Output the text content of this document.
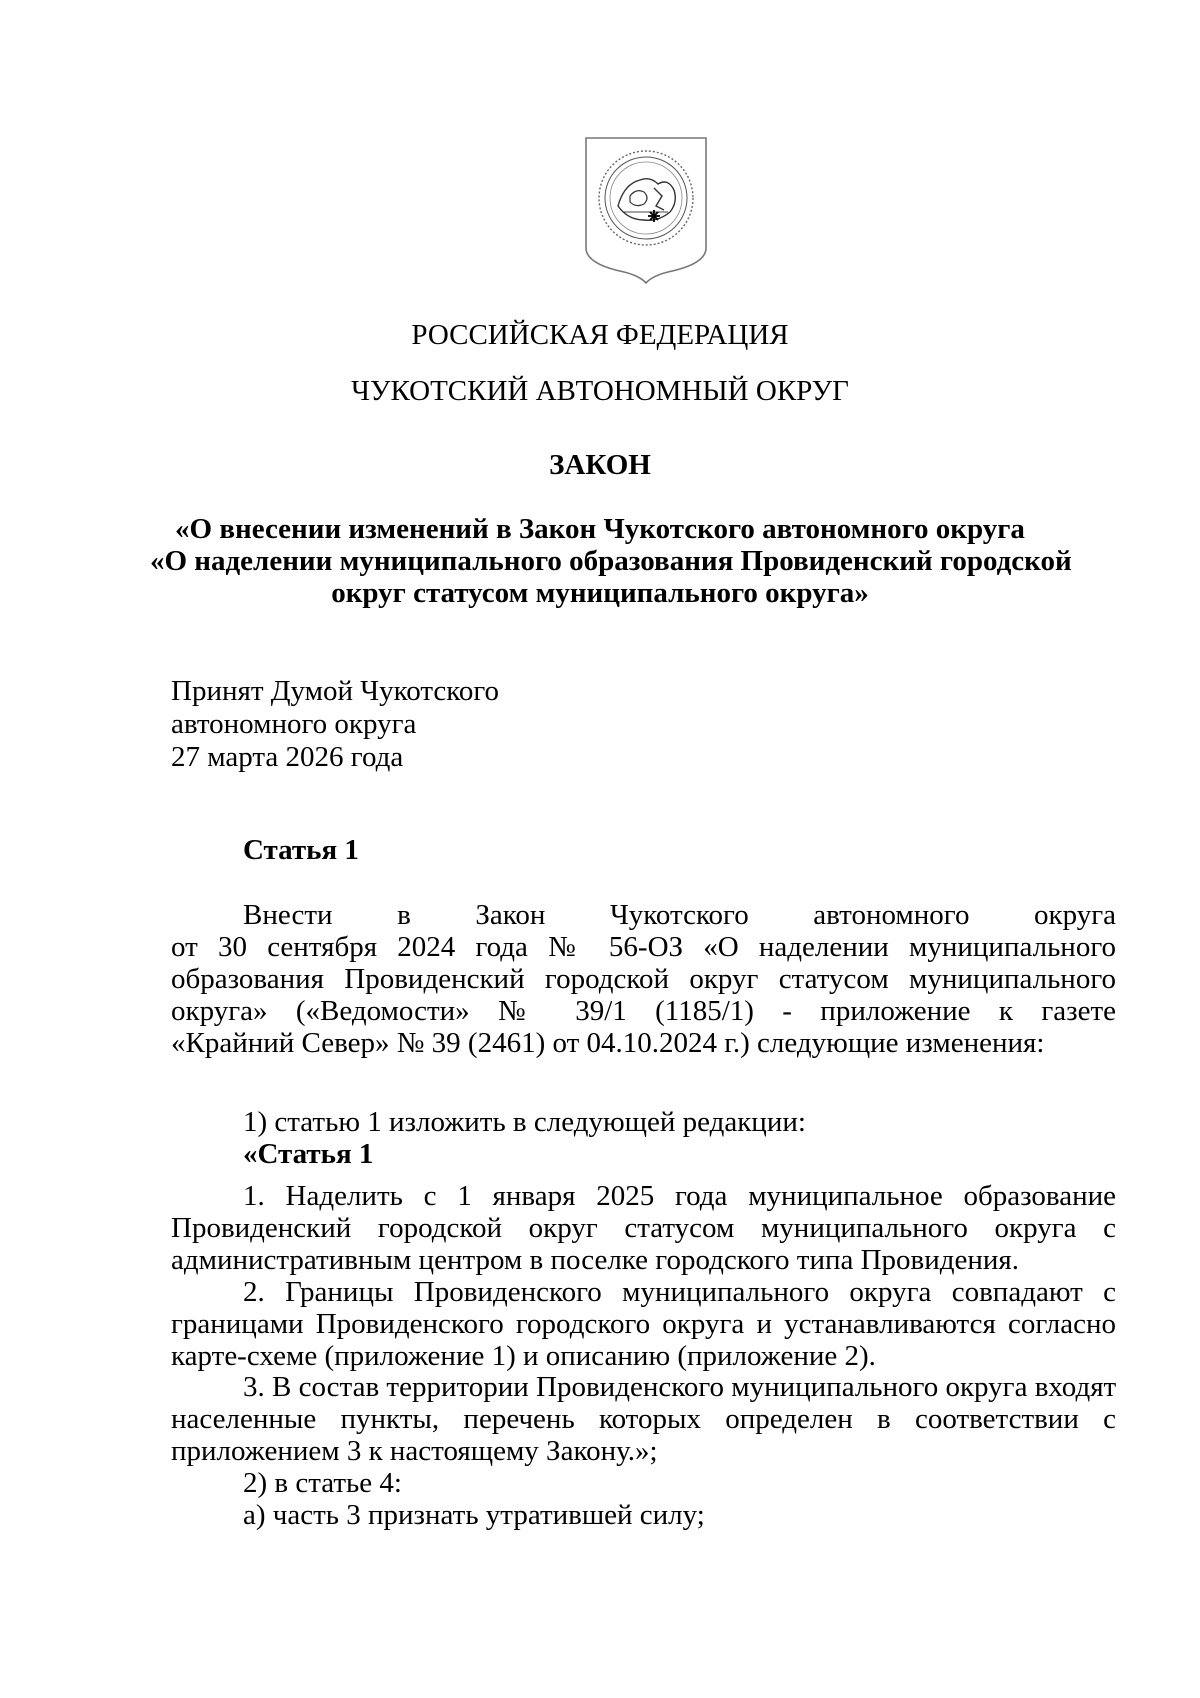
РОССИЙСКАЯ ФЕДЕРАЦИЯ
ЧУКОТСКИЙ АВТОНОМНЫЙ ОКРУГ
ЗАКОН
«О внесении изменений в Закон Чукотского автономного округа
«О наделении муниципального образования Провиденский городской
округ статусом муниципального округа»
Принят Думой Чукотского
автономного округа
27 марта 2026 года
Статья 1
Внести в Закон Чукотского автономного округа
от 30 сентября 2024 года № 56-ОЗ «О наделении муниципального
образования Провиденский городской округ статусом муниципального
округа» («Ведомости» № 39/1 (1185/1) - приложение к газете
«Крайний Север» № 39 (2461) от 04.10.2024 г.) следующие изменения:
1) статью 1 изложить в следующей редакции:
«Статья 1
1. Наделить с 1 января 2025 года муниципальное образование
Провиденский городской округ статусом муниципального округа с
административным центром в поселке городского типа Провидения.
2. Границы Провиденского муниципального округа совпадают с
границами Провиденского городского округа и устанавливаются согласно
карте-схеме (приложение 1) и описанию (приложение 2).
3. В состав территории Провиденского муниципального округа входят
населенные пункты, перечень которых определен в соответствии с
приложением 3 к настоящему Закону.»;
2) в статье 4:
а) часть 3 признать утратившей силу;
